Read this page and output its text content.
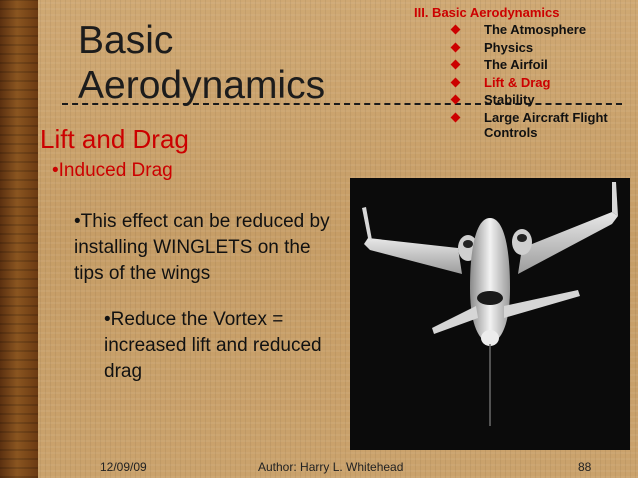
Basic
Aerodynamics
III. Basic Aerodynamics
The Atmosphere
Physics
The Airfoil
Lift & Drag
Stability
Large Aircraft Flight Controls
Lift and Drag
•Induced Drag
•This effect can be reduced by installing WINGLETS on the tips of the wings
•Reduce the Vortex = increased lift and reduced drag
12/09/09	Author: Harry L. Whitehead	88
